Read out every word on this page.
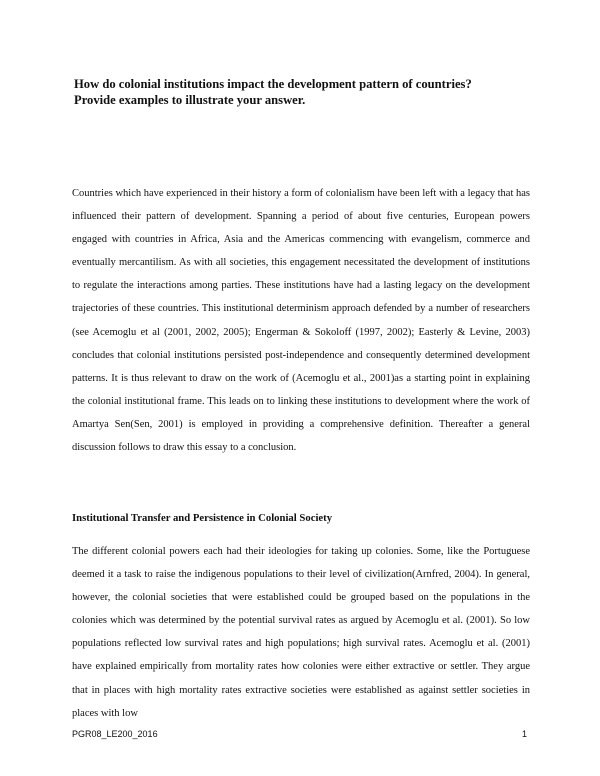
How do colonial institutions impact the development pattern of countries?
Provide examples to illustrate your answer.

Countries which have experienced in their history a form of colonialism have been left with a legacy that has influenced their pattern of development. Spanning a period of about five centuries, European powers engaged with countries in Africa, Asia and the Americas commencing with evangelism, commerce and eventually mercantilism. As with all societies, this engagement necessitated the development of institutions to regulate the interactions among parties. These institutions have had a lasting legacy on the development trajectories of these countries. This institutional determinism approach defended by a number of researchers (see Acemoglu et al (2001, 2002, 2005); Engerman & Sokoloff (1997, 2002); Easterly & Levine, 2003) concludes that colonial institutions persisted post-independence and consequently determined development patterns. It is thus relevant to draw on the work of (Acemoglu et al., 2001)as a starting point in explaining the colonial institutional frame. This leads on to linking these institutions to development where the work of Amartya Sen(Sen, 2001) is employed in providing a comprehensive definition. Thereafter a general discussion follows to draw this essay to a conclusion.

Institutional Transfer and Persistence in Colonial Society

The different colonial powers each had their ideologies for taking up colonies. Some, like the Portuguese deemed it a task to raise the indigenous populations to their level of civilization(Arnfred, 2004). In general, however, the colonial societies that were established could be grouped based on the populations in the colonies which was determined by the potential survival rates as argued by Acemoglu et al. (2001). So low populations reflected low survival rates and high populations; high survival rates. Acemoglu et al. (2001) have explained empirically from mortality rates how colonies were either extractive or settler. They argue that in places with high mortality rates extractive societies were established as against settler societies in places with low

PGR08_LE200_2016	1
